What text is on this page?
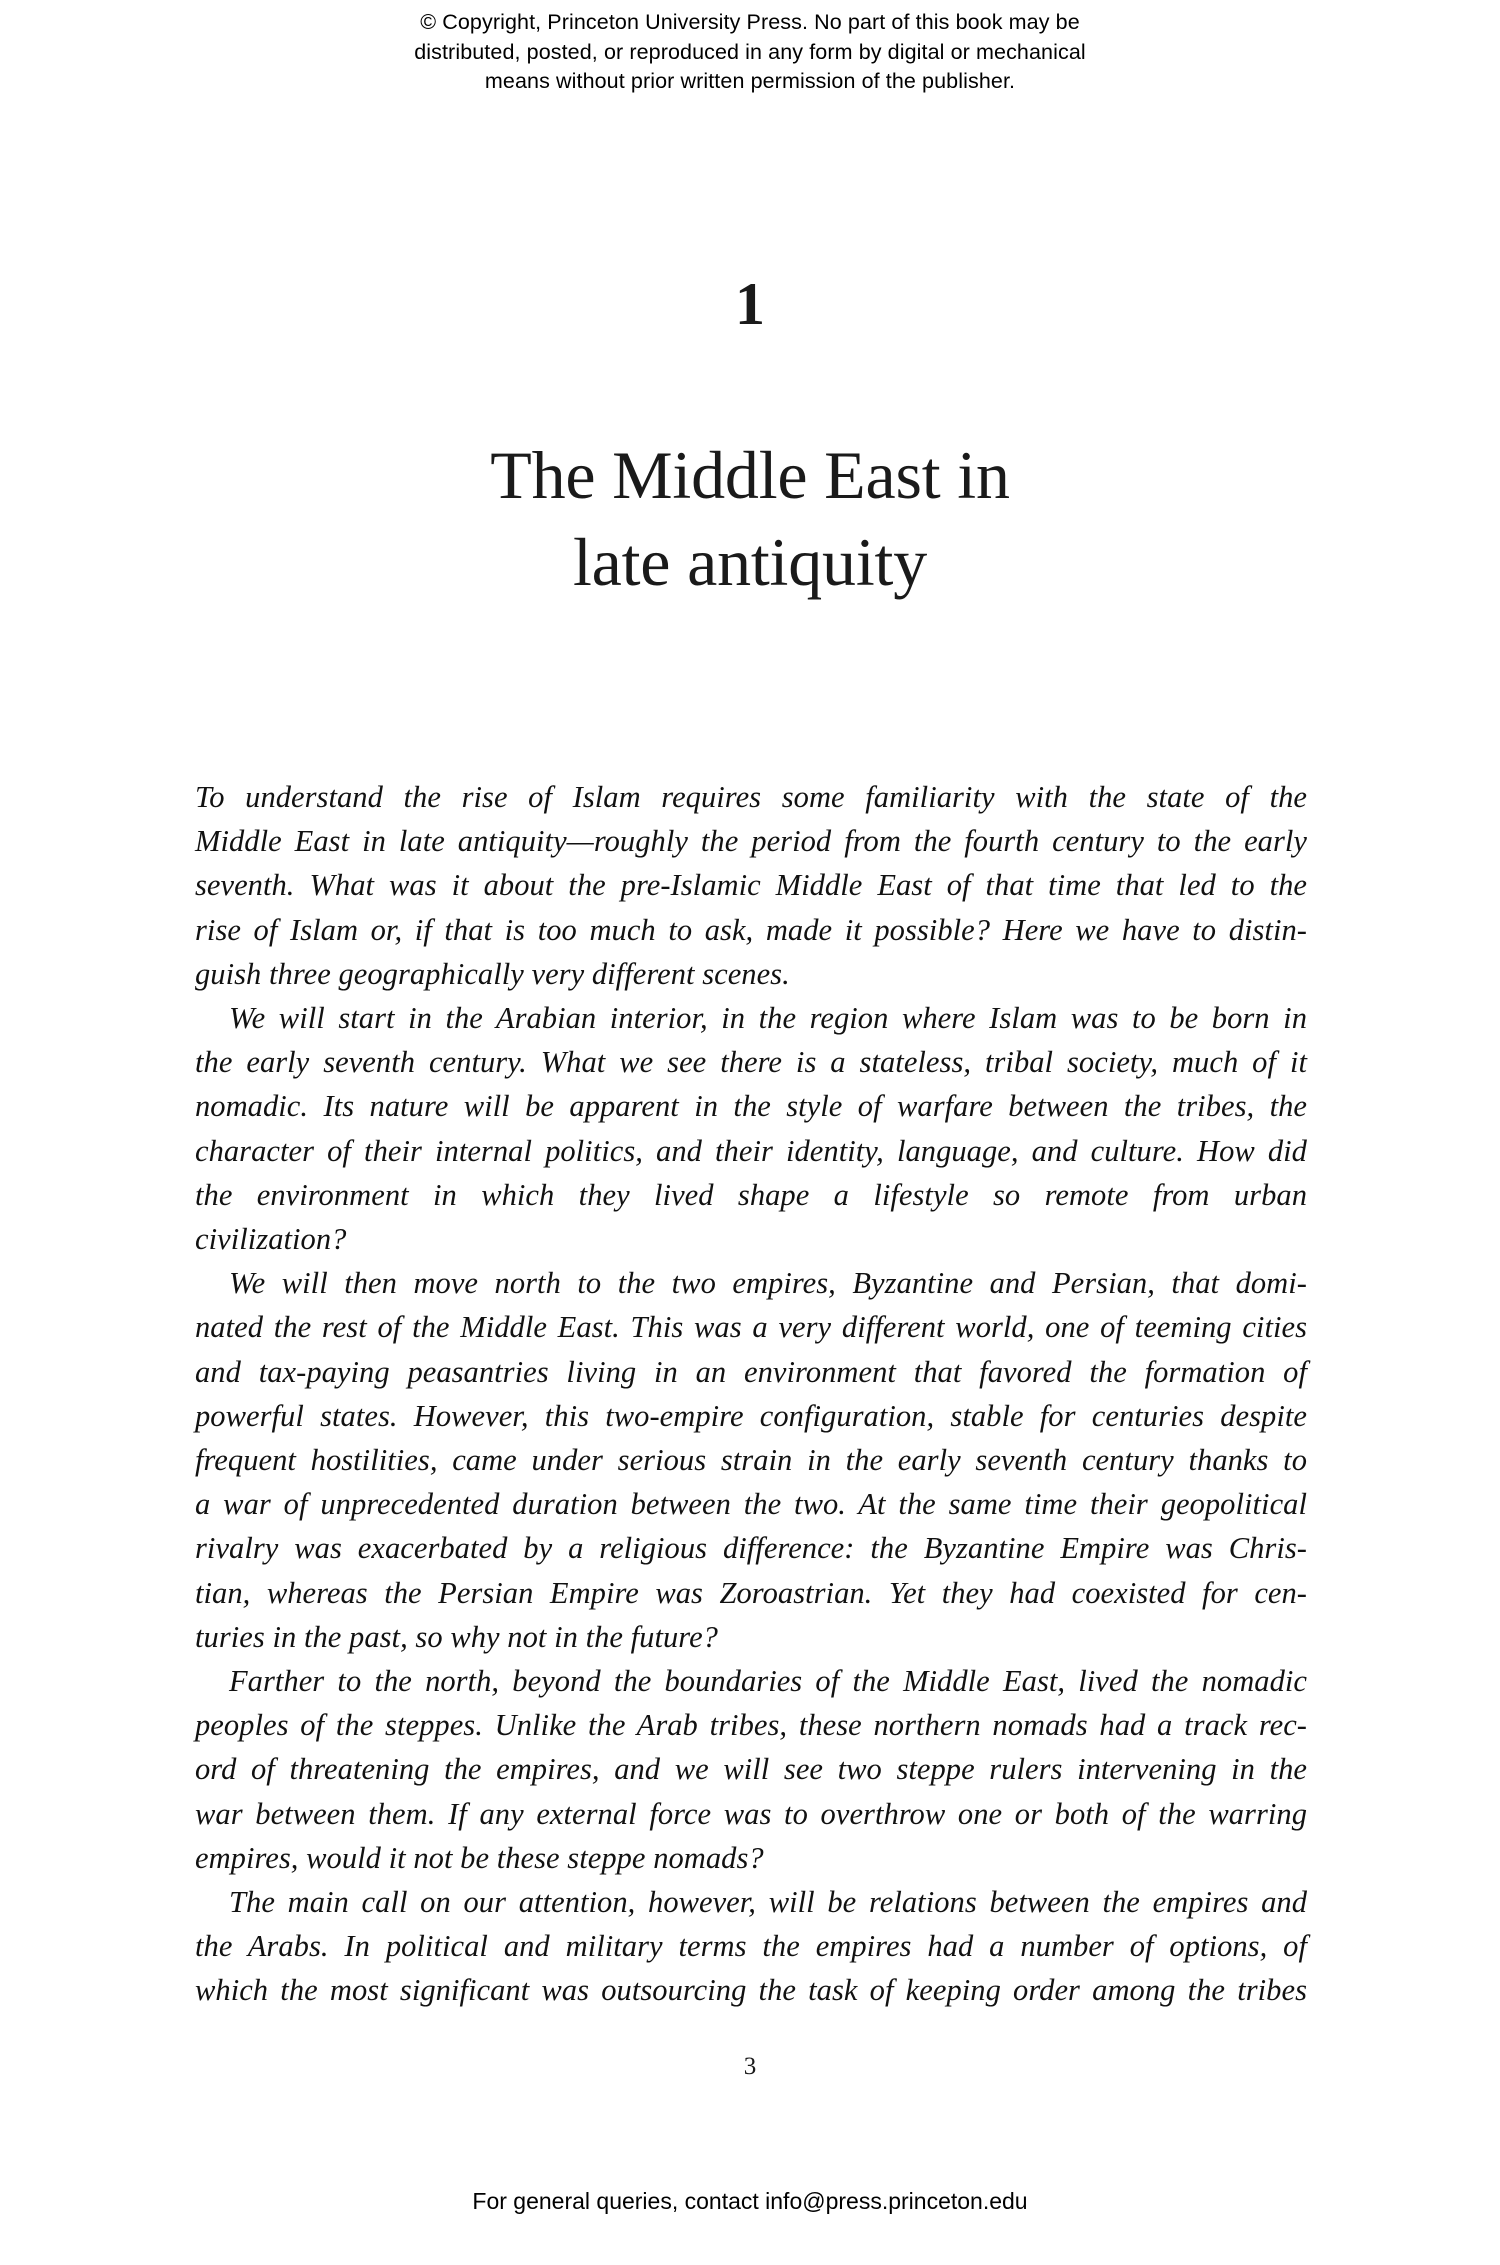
© Copyright, Princeton University Press. No part of this book may be
distributed, posted, or reproduced in any form by digital or mechanical
means without prior written permission of the publisher.
1
The Middle East in
late antiquity
To understand the rise of Islam requires some familiarity with the state of the
Middle East in late antiquity—roughly the period from the fourth century to the early
seventh. What was it about the pre-Islamic Middle East of that time that led to the
rise of Islam or, if that is too much to ask, made it possible? Here we have to distin-
guish three geographically very different scenes.
We will start in the Arabian interior, in the region where Islam was to be born in
the early seventh century. What we see there is a stateless, tribal society, much of it
nomadic. Its nature will be apparent in the style of warfare between the tribes, the
character of their internal politics, and their identity, language, and culture. How did
the environment in which they lived shape a lifestyle so remote from urban
civilization?
We will then move north to the two empires, Byzantine and Persian, that domi-
nated the rest of the Middle East. This was a very different world, one of teeming cities
and tax-paying peasantries living in an environment that favored the formation of
powerful states. However, this two-empire configuration, stable for centuries despite
frequent hostilities, came under serious strain in the early seventh century thanks to
a war of unprecedented duration between the two. At the same time their geopolitical
rivalry was exacerbated by a religious difference: the Byzantine Empire was Chris-
tian, whereas the Persian Empire was Zoroastrian. Yet they had coexisted for cen-
turies in the past, so why not in the future?
Farther to the north, beyond the boundaries of the Middle East, lived the nomadic
peoples of the steppes. Unlike the Arab tribes, these northern nomads had a track rec-
ord of threatening the empires, and we will see two steppe rulers intervening in the
war between them. If any external force was to overthrow one or both of the warring
empires, would it not be these steppe nomads?
The main call on our attention, however, will be relations between the empires and
the Arabs. In political and military terms the empires had a number of options, of
which the most significant was outsourcing the task of keeping order among the tribes
3
For general queries, contact info@press.princeton.edu
